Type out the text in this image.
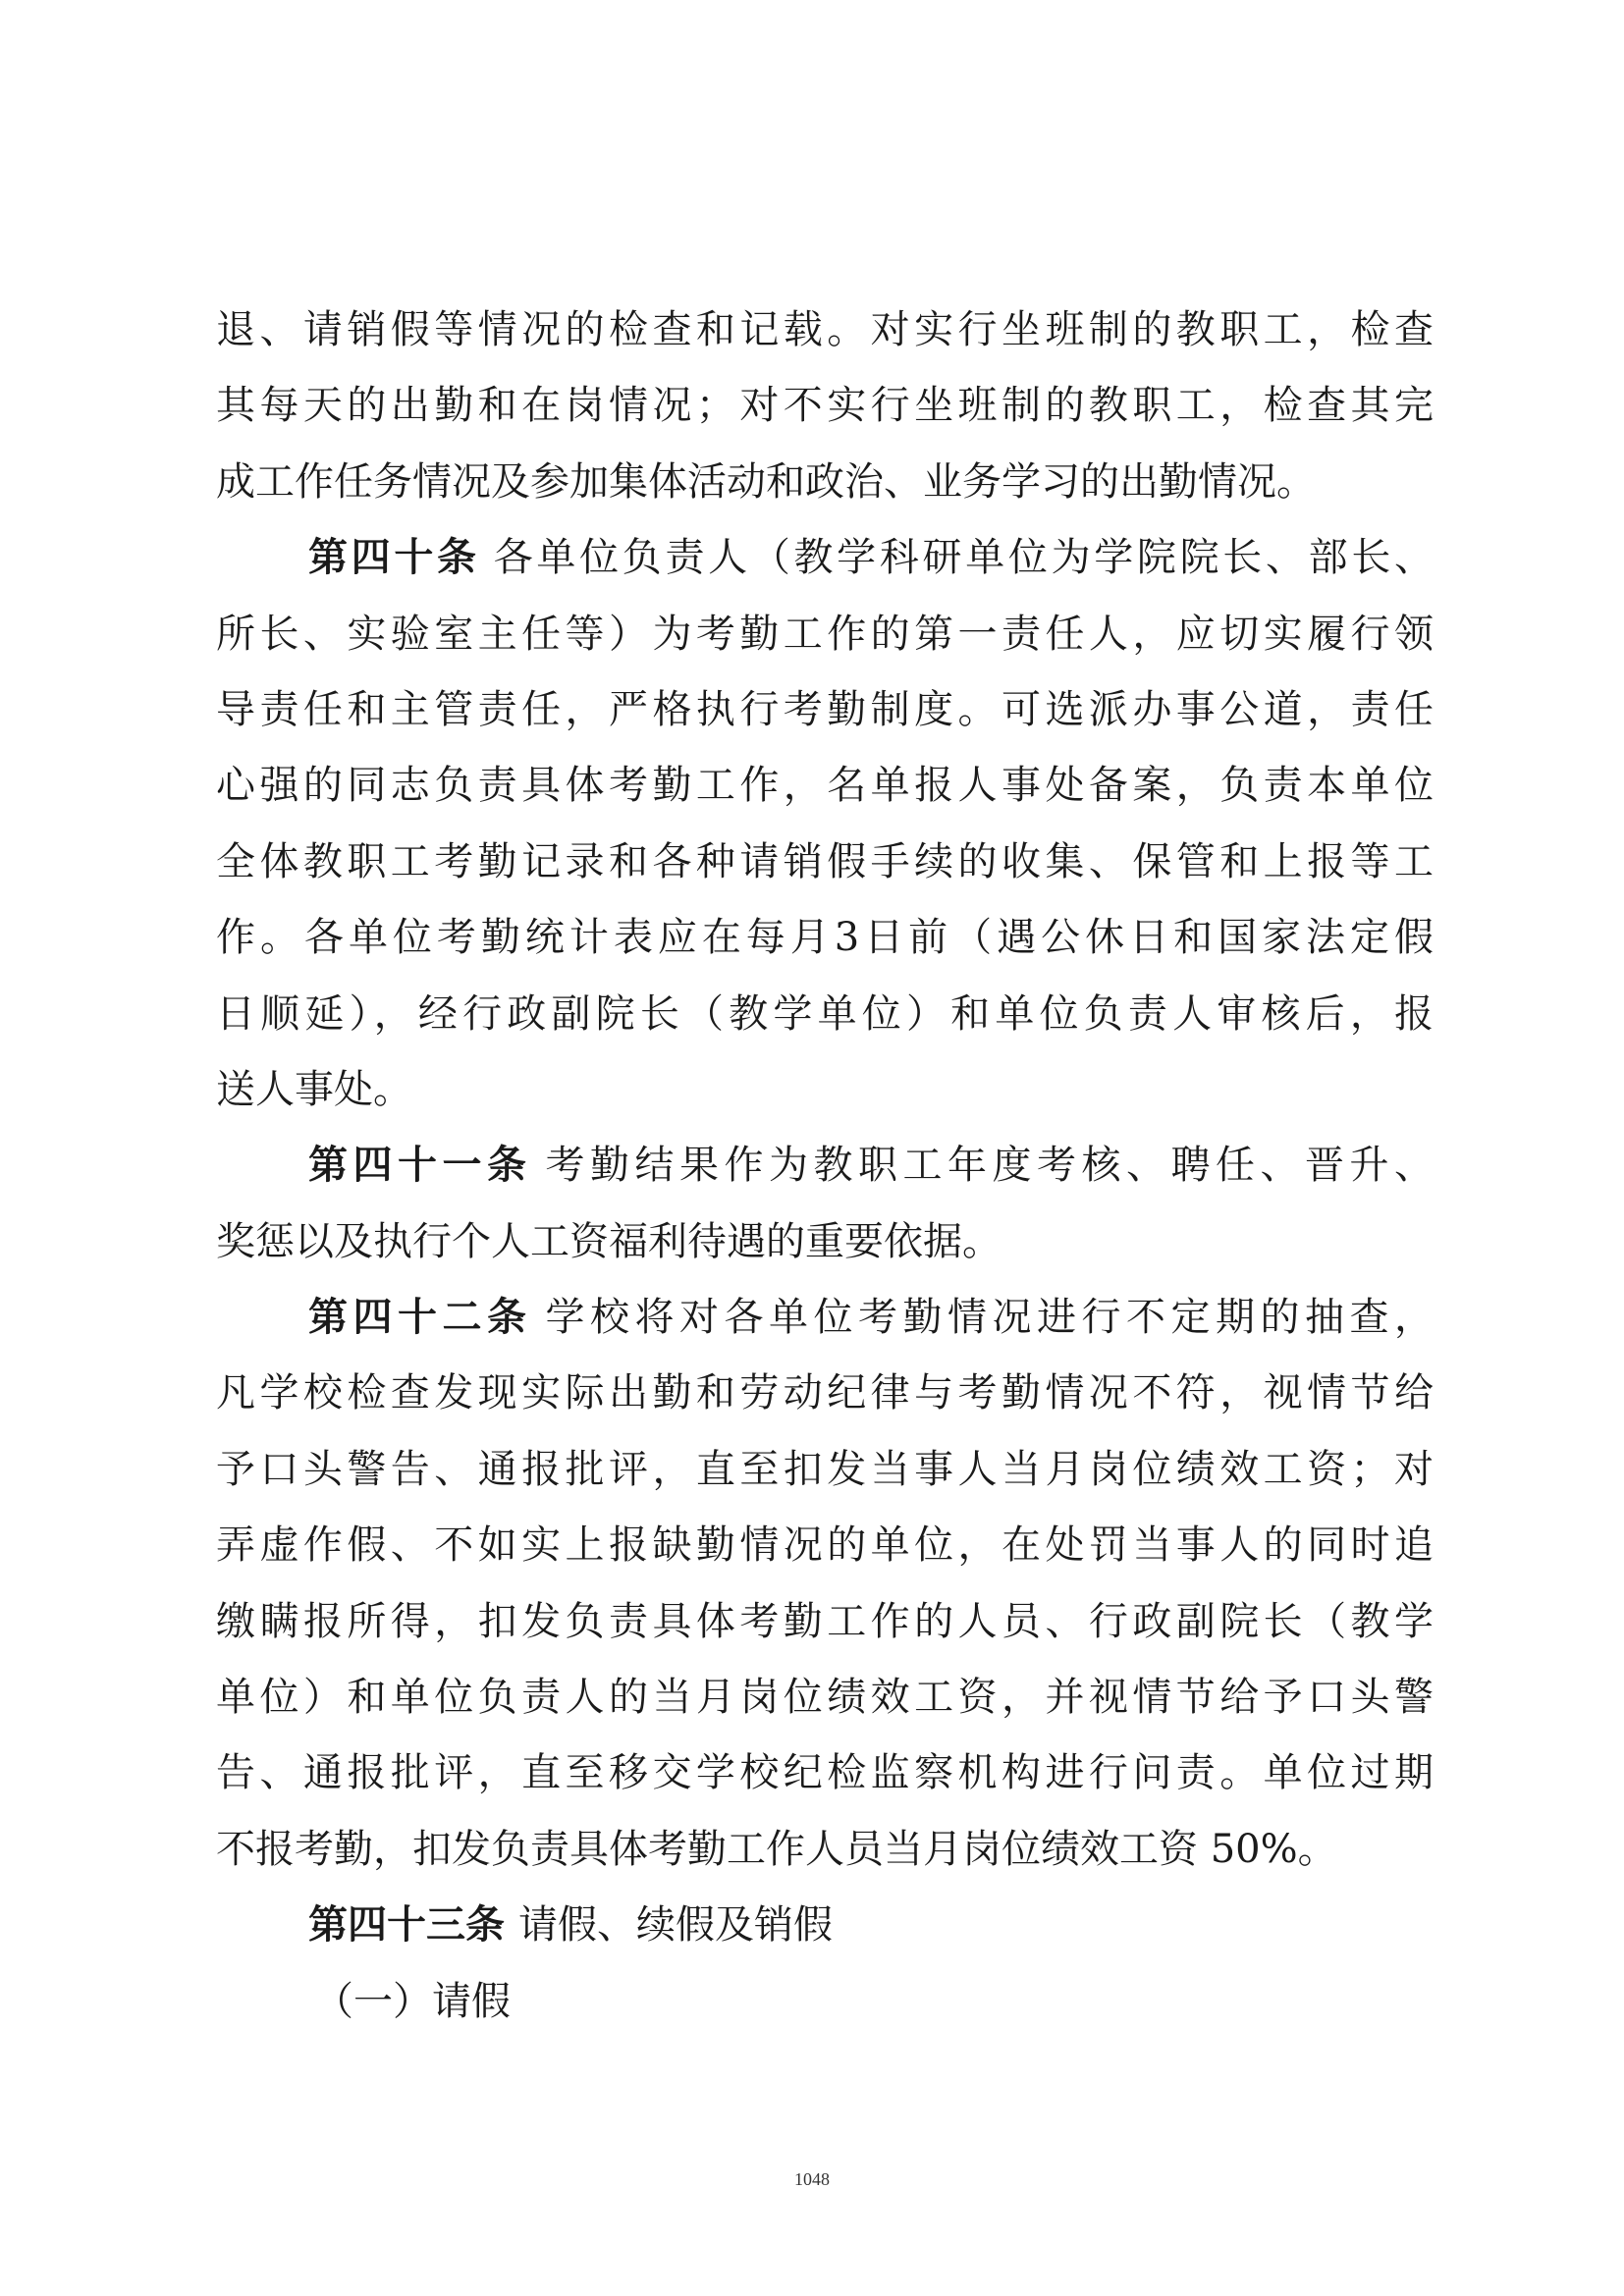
退、请销假等情况的检查和记载。对实行坐班制的教职工，检查
其每天的出勤和在岗情况；对不实行坐班制的教职工，检查其完
成工作任务情况及参加集体活动和政治、业务学习的出勤情况。
第四十条 各单位负责人（教学科研单位为学院院长、部长、
所长、实验室主任等）为考勤工作的第一责任人，应切实履行领
导责任和主管责任，严格执行考勤制度。可选派办事公道，责任
心强的同志负责具体考勤工作，名单报人事处备案，负责本单位
全体教职工考勤记录和各种请销假手续的收集、保管和上报等工
作。各单位考勤统计表应在每月3日前（遇公休日和国家法定假
日顺延），经行政副院长（教学单位）和单位负责人审核后，报
送人事处。
第四十一条 考勤结果作为教职工年度考核、聘任、晋升、
奖惩以及执行个人工资福利待遇的重要依据。
第四十二条 学校将对各单位考勤情况进行不定期的抽查，
凡学校检查发现实际出勤和劳动纪律与考勤情况不符，视情节给
予口头警告、通报批评，直至扣发当事人当月岗位绩效工资；对
弄虚作假、不如实上报缺勤情况的单位，在处罚当事人的同时追
缴瞒报所得，扣发负责具体考勤工作的人员、行政副院长（教学
单位）和单位负责人的当月岗位绩效工资，并视情节给予口头警
告、通报批评，直至移交学校纪检监察机构进行问责。单位过期
不报考勤，扣发负责具体考勤工作人员当月岗位绩效工资 50%。
第四十三条 请假、续假及销假
（一）请假
1048
